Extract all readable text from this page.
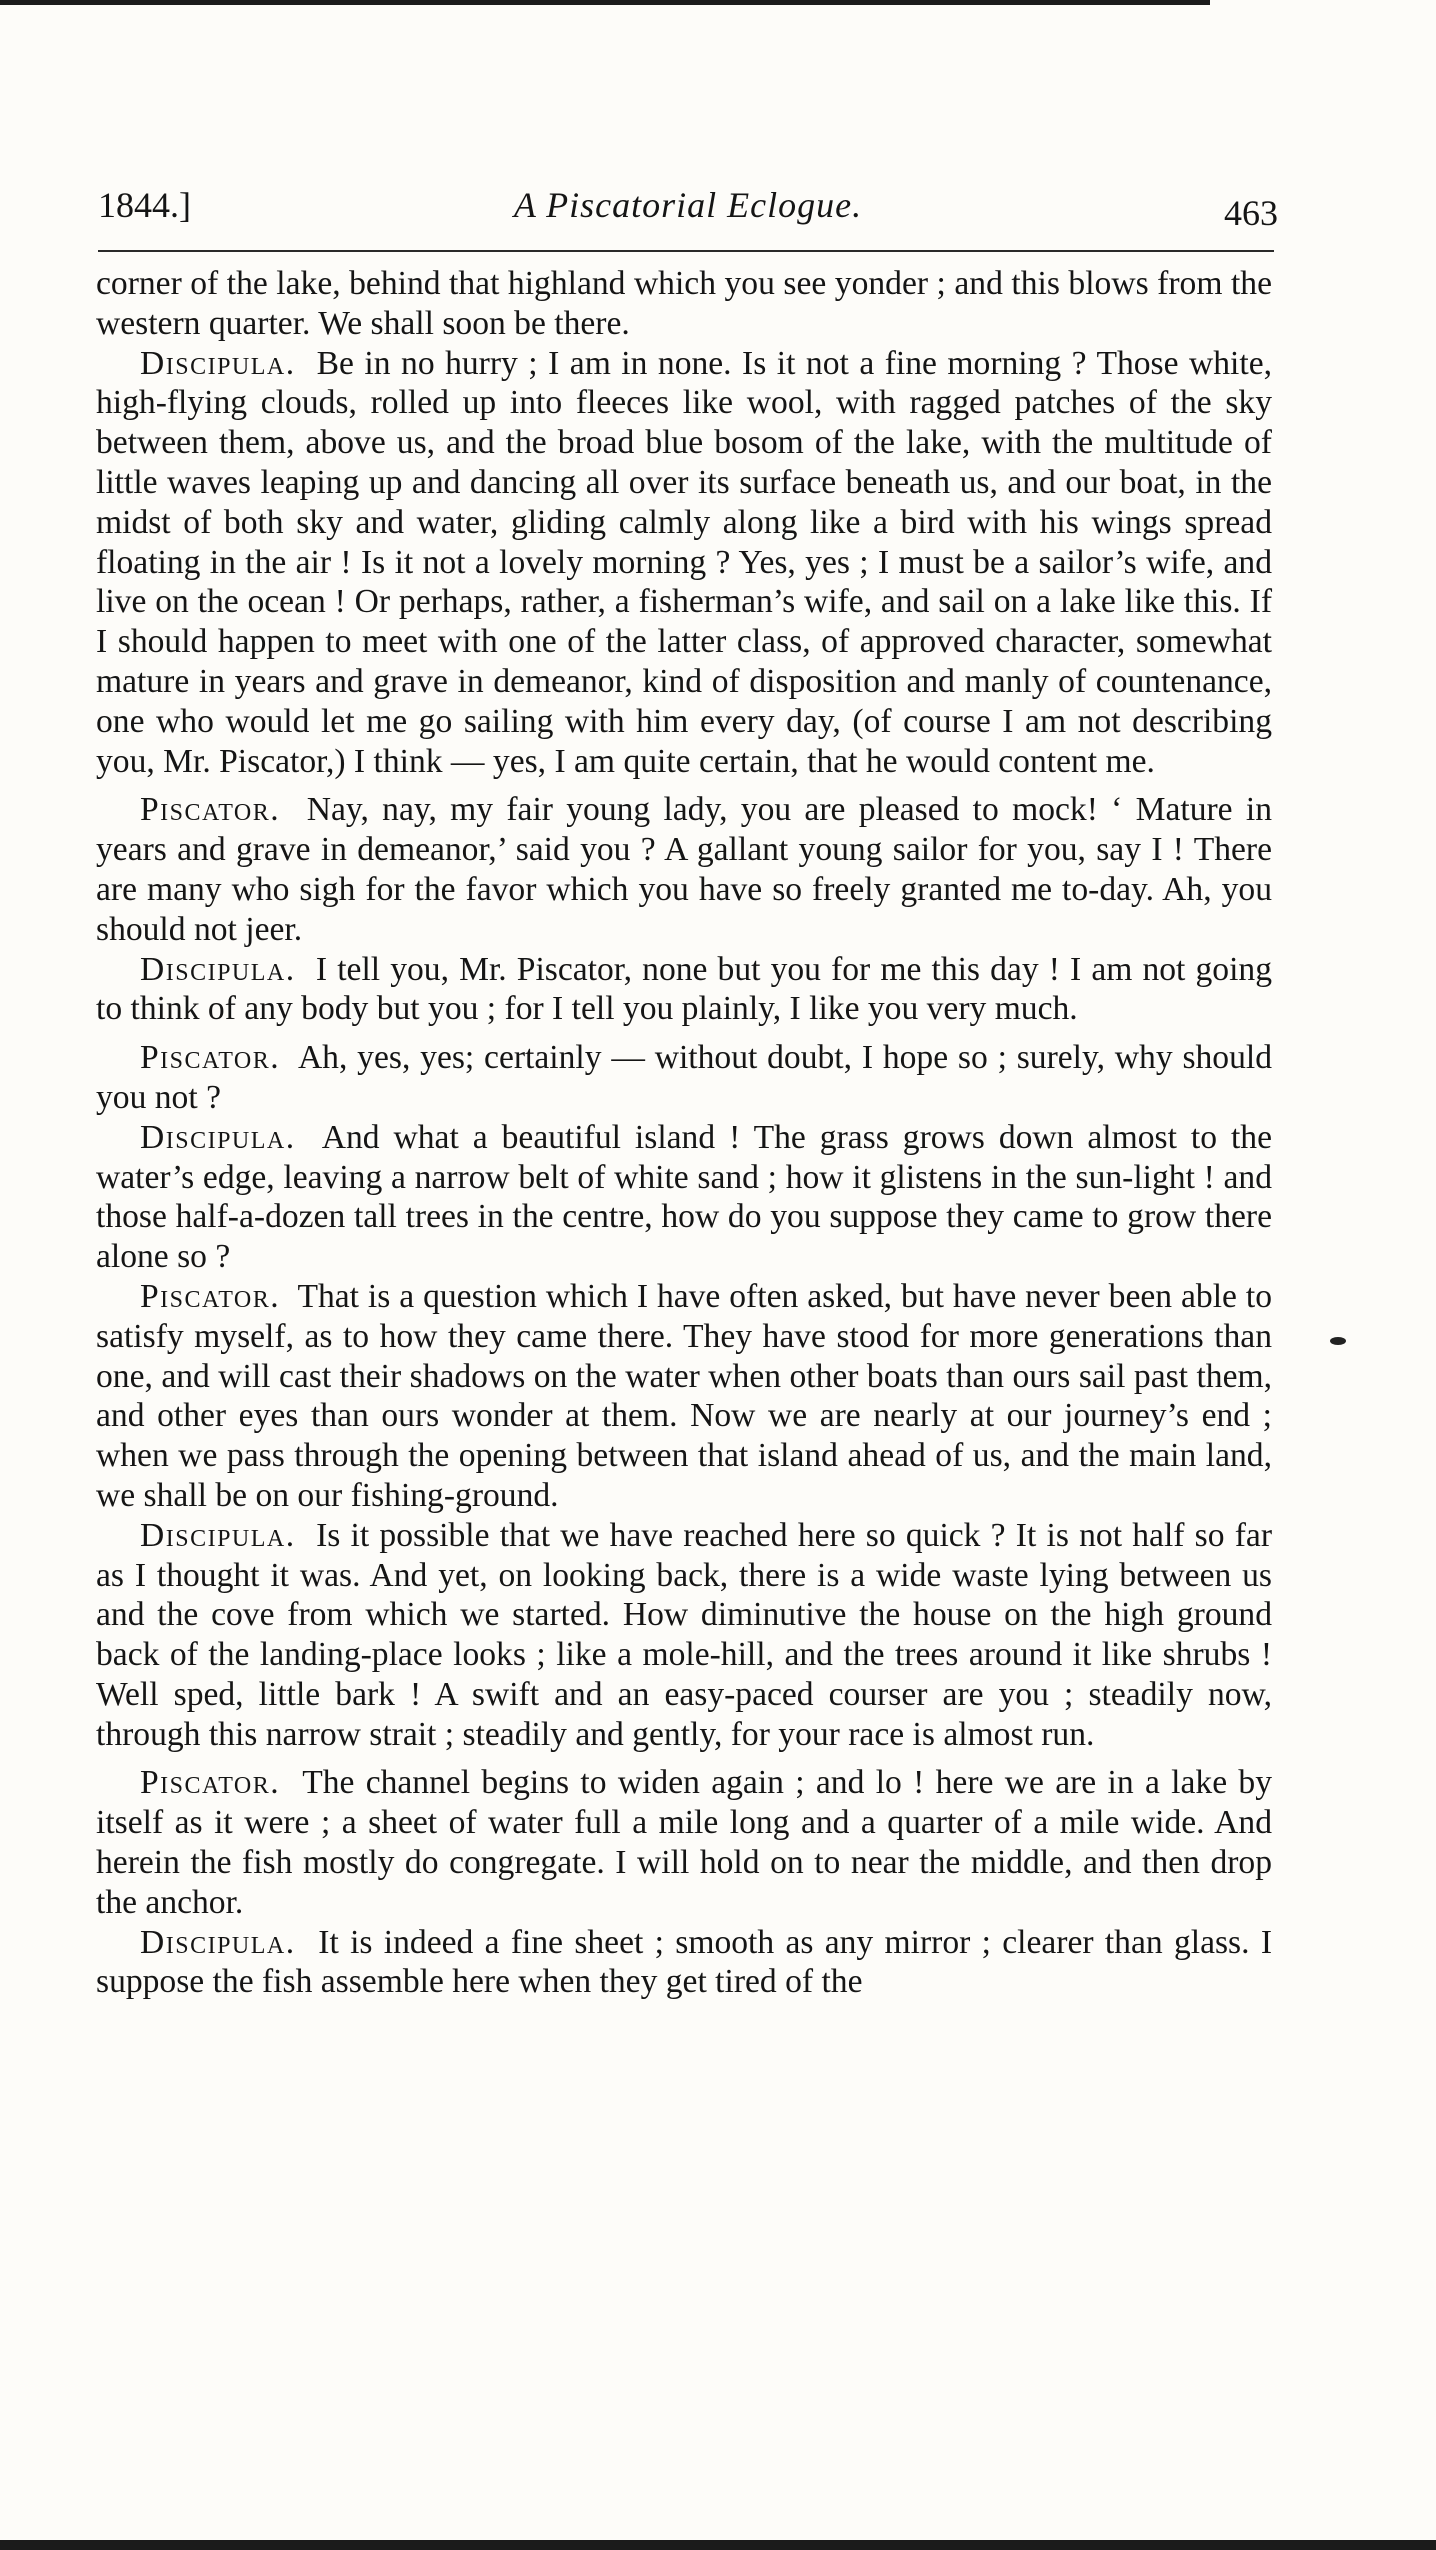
1844.]	A Piscatorial Eclogue.	463

corner of the lake, behind that highland which you see yonder ; and this blows from the western quarter. We shall soon be there.

Discipula. Be in no hurry ; I am in none. Is it not a fine morning ? Those white, high-flying clouds, rolled up into fleeces like wool, with ragged patches of the sky between them, above us, and the broad blue bosom of the lake, with the multitude of little waves leaping up and dancing all over its surface beneath us, and our boat, in the midst of both sky and water, gliding calmly along like a bird with his wings spread floating in the air ! Is it not a lovely morning ? Yes, yes ; I must be a sailor’s wife, and live on the ocean ! Or perhaps, rather, a fisherman’s wife, and sail on a lake like this. If I should happen to meet with one of the latter class, of approved character, somewhat mature in years and grave in demeanor, kind of disposition and manly of countenance, one who would let me go sailing with him every day, (of course I am not describing you, Mr. Piscator,) I think — yes, I am quite certain, that he would content me.

Piscator. Nay, nay, my fair young lady, you are pleased to mock! ‘ Mature in years and grave in demeanor,’ said you ? A gallant young sailor for you, say I ! There are many who sigh for the favor which you have so freely granted me to-day. Ah, you should not jeer.

Discipula. I tell you, Mr. Piscator, none but you for me this day ! I am not going to think of any body but you ; for I tell you plainly, I like you very much.

Piscator. Ah, yes, yes; certainly — without doubt, I hope so ; surely, why should you not ?

Discipula. And what a beautiful island ! The grass grows down almost to the water’s edge, leaving a narrow belt of white sand ; how it glistens in the sun-light ! and those half-a-dozen tall trees in the centre, how do you suppose they came to grow there alone so ?

Piscator. That is a question which I have often asked, but have never been able to satisfy myself, as to how they came there. They have stood for more generations than one, and will cast their shadows on the water when other boats than ours sail past them, and other eyes than ours wonder at them. Now we are nearly at our journey’s end ; when we pass through the opening between that island ahead of us, and the main land, we shall be on our fishing-ground.

Discipula. Is it possible that we have reached here so quick ? It is not half so far as I thought it was. And yet, on looking back, there is a wide waste lying between us and the cove from which we started. How diminutive the house on the high ground back of the landing-place looks ; like a mole-hill, and the trees around it like shrubs ! Well sped, little bark ! A swift and an easy-paced courser are you ; steadily now, through this narrow strait ; steadily and gently, for your race is almost run.

Piscator. The channel begins to widen again ; and lo ! here we are in a lake by itself as it were ; a sheet of water full a mile long and a quarter of a mile wide. And herein the fish mostly do congregate. I will hold on to near the middle, and then drop the anchor.

Discipula. It is indeed a fine sheet ; smooth as any mirror ; clearer than glass. I suppose the fish assemble here when they get tired of the
